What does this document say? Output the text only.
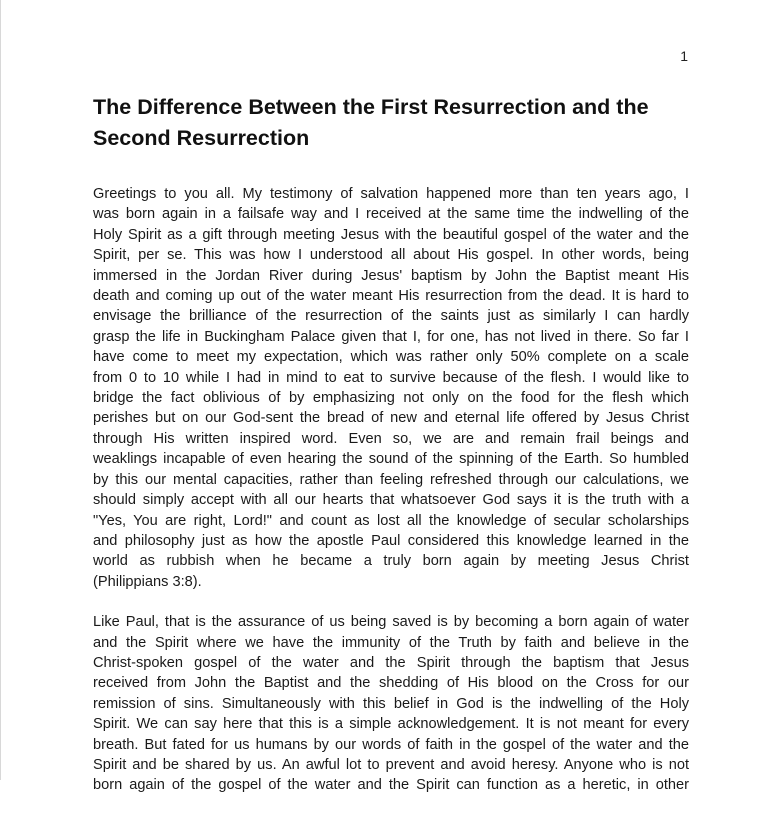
1
The Difference Between the First Resurrection and the
Second Resurrection

Greetings to you all. My testimony of salvation happened more than ten years ago, I
was born again in a failsafe way and I received at the same time the indwelling of the
Holy Spirit as a gift through meeting Jesus with the beautiful gospel of the water and the
Spirit, per se. This was how I understood all about His gospel. In other words, being
immersed in the Jordan River during Jesus' baptism by John the Baptist meant His
death and coming up out of the water meant His resurrection from the dead. It is hard to
envisage the brilliance of the resurrection of the saints just as similarly I can hardly
grasp the life in Buckingham Palace given that I, for one, has not lived in there. So far I
have come to meet my expectation, which was rather only 50% complete on a scale
from 0 to 10 while I had in mind to eat to survive because of the flesh. I would like to
bridge the fact oblivious of by emphasizing not only on the food for the flesh which
perishes but on our God-sent the bread of new and eternal life offered by Jesus Christ
through His written inspired word. Even so, we are and remain frail beings and
weaklings incapable of even hearing the sound of the spinning of the Earth. So humbled
by this our mental capacities, rather than feeling refreshed through our calculations, we
should simply accept with all our hearts that whatsoever God says it is the truth with a
"Yes, You are right, Lord!" and count as lost all the knowledge of secular scholarships
and philosophy just as how the apostle Paul considered this knowledge learned in the
world as rubbish when he became a truly born again by meeting Jesus Christ
(Philippians 3:8).

Like Paul, that is the assurance of us being saved is by becoming a born again of water
and the Spirit where we have the immunity of the Truth by faith and believe in the
Christ-spoken gospel of the water and the Spirit through the baptism that Jesus
received from John the Baptist and the shedding of His blood on the Cross for our
remission of sins. Simultaneously with this belief in God is the indwelling of the Holy
Spirit. We can say here that this is a simple acknowledgement. It is not meant for every
breath. But fated for us humans by our words of faith in the gospel of the water and the
Spirit and be shared by us. An awful lot to prevent and avoid heresy. Anyone who is not
born again of the gospel of the water and the Spirit can function as a heretic, in other
